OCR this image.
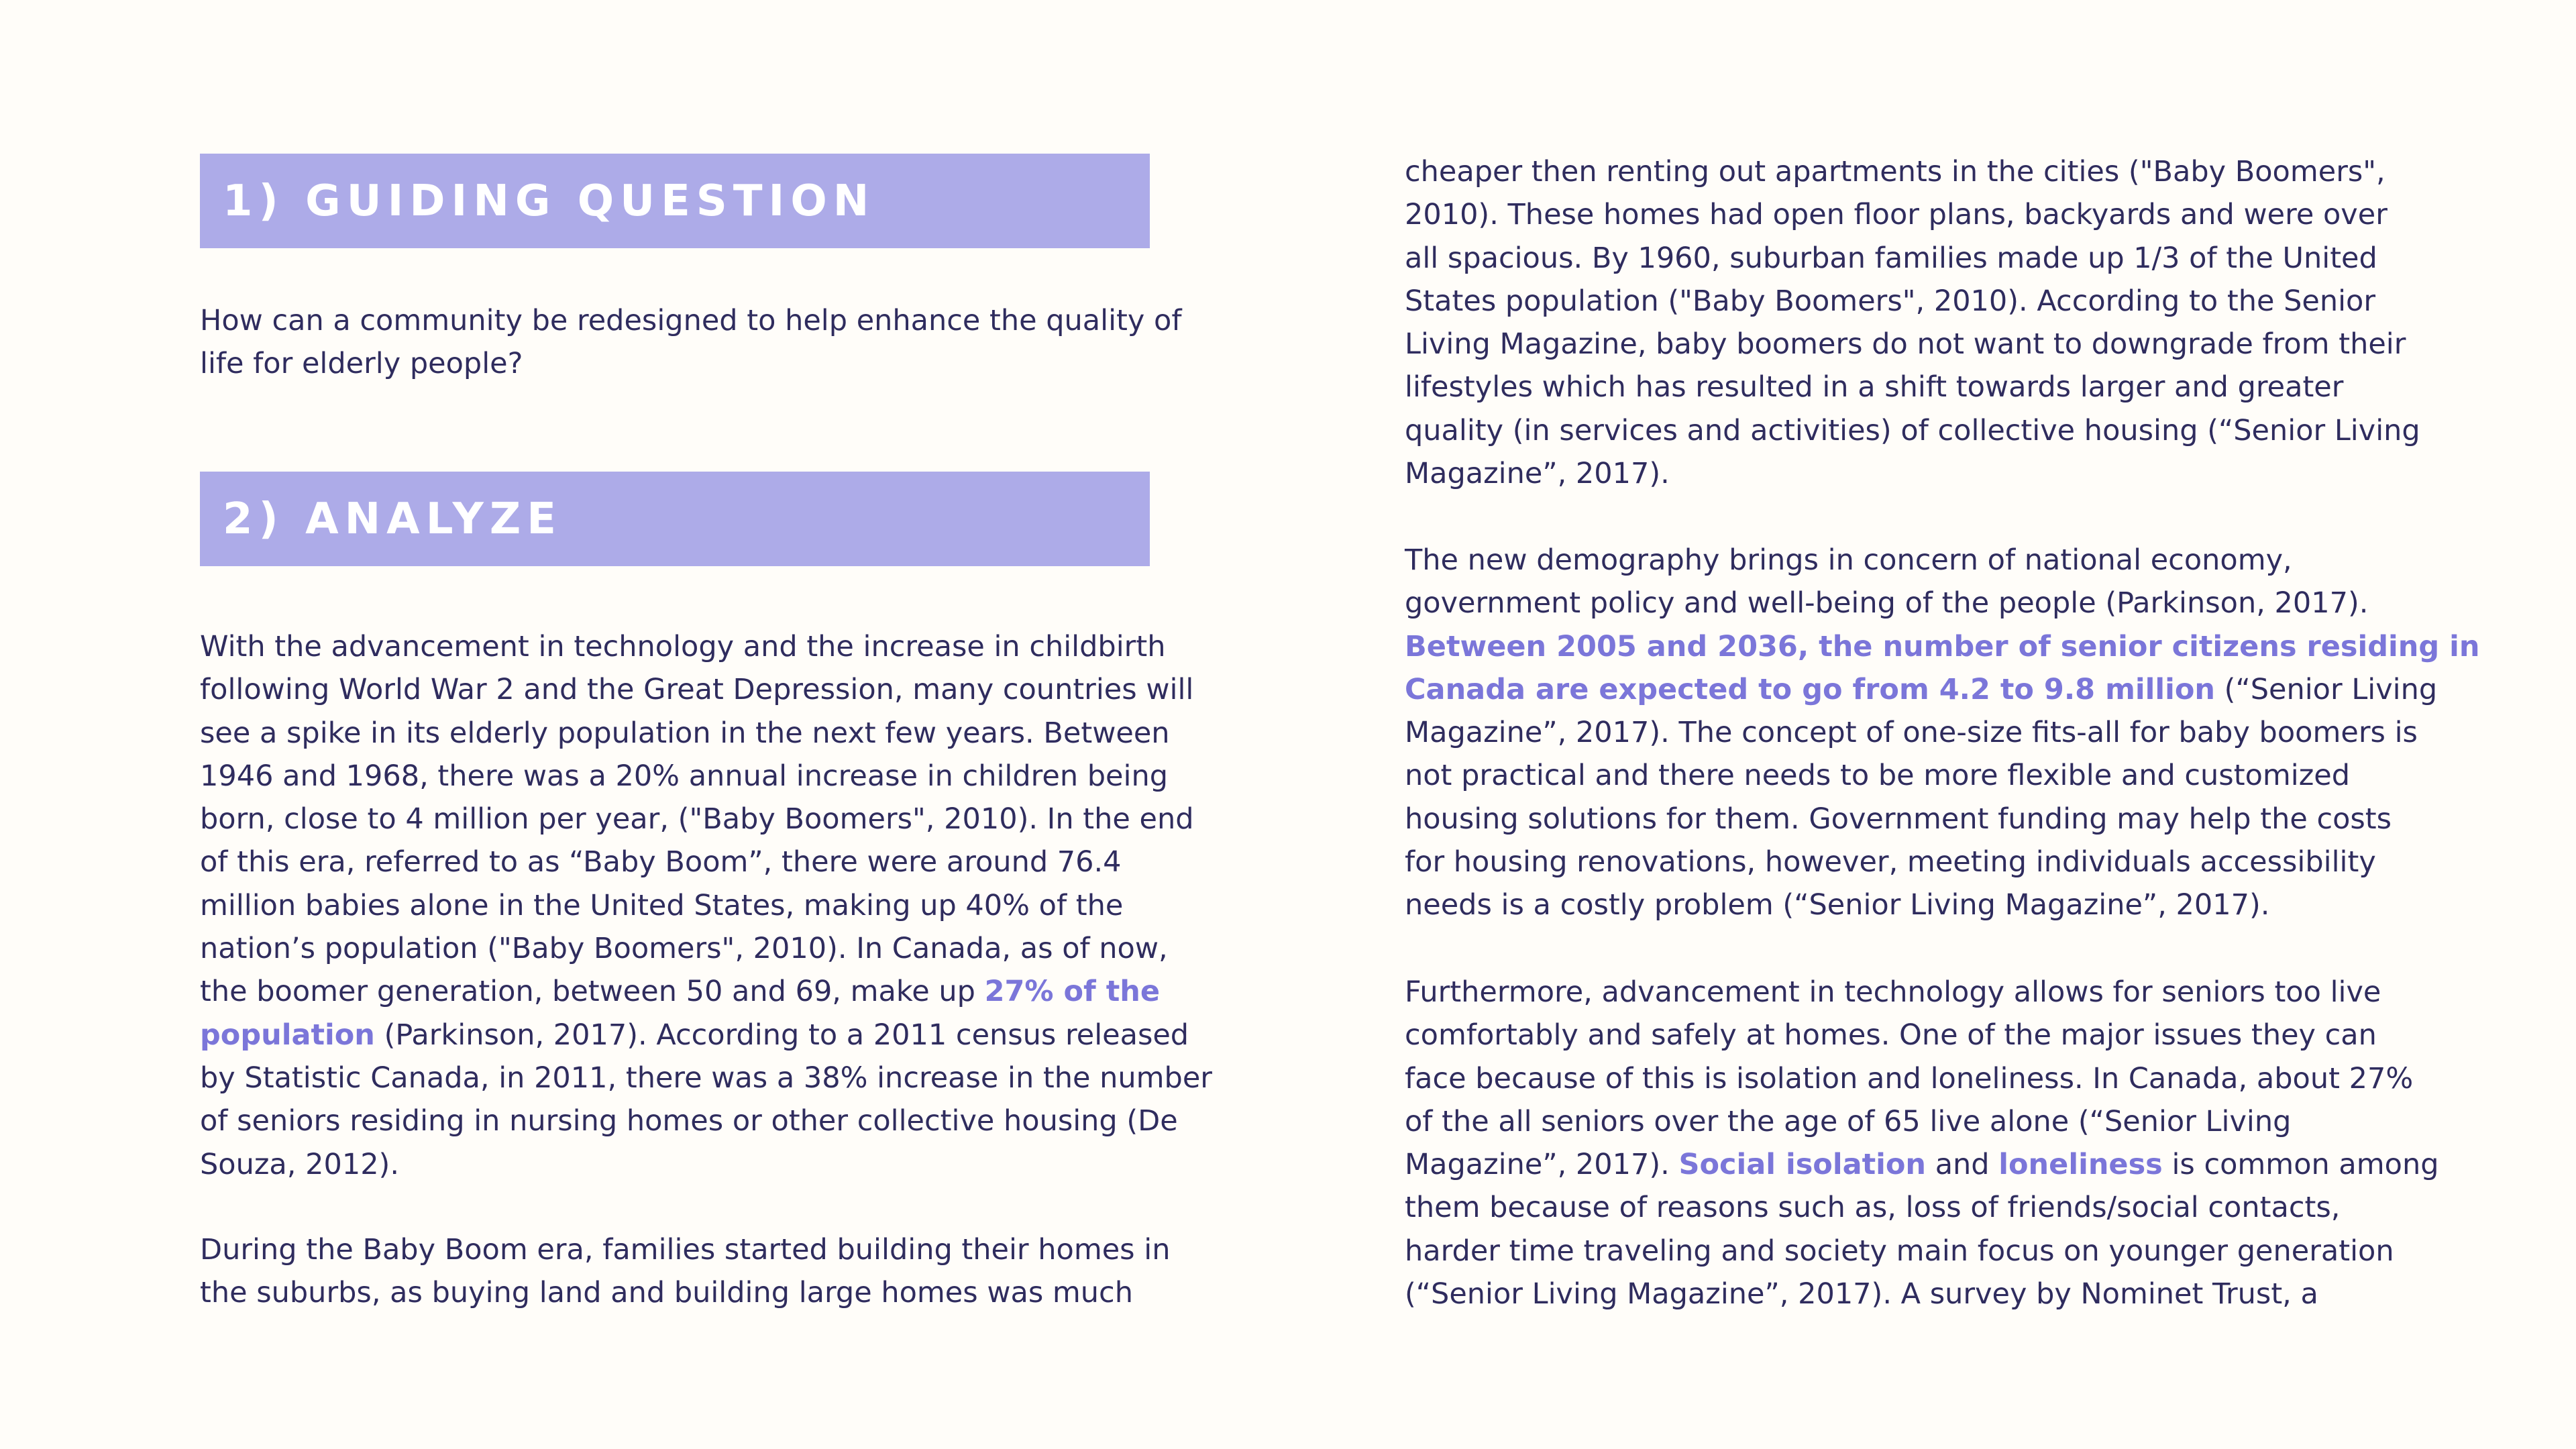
1) GUIDING QUESTION
How can a community be redesigned to help enhance the quality of
life for elderly people?
2) ANALYZE
With the advancement in technology and the increase in childbirth
following World War 2 and the Great Depression, many countries will
see a spike in its elderly population in the next few years. Between
1946 and 1968, there was a 20% annual increase in children being
born, close to 4 million per year, ("Baby Boomers", 2010). In the end
of this era, referred to as “Baby Boom”, there were around 76.4
million babies alone in the United States, making up 40% of the
nation’s population ("Baby Boomers", 2010). In Canada, as of now,
the boomer generation, between 50 and 69, make up 27% of the
population (Parkinson, 2017). According to a 2011 census released
by Statistic Canada, in 2011, there was a 38% increase in the number
of seniors residing in nursing homes or other collective housing (De
Souza, 2012).
During the Baby Boom era, families started building their homes in
the suburbs, as buying land and building large homes was much
cheaper then renting out apartments in the cities ("Baby Boomers",
2010). These homes had open floor plans, backyards and were over
all spacious. By 1960, suburban families made up 1/3 of the United
States population ("Baby Boomers", 2010). According to the Senior
Living Magazine, baby boomers do not want to downgrade from their
lifestyles which has resulted in a shift towards larger and greater
quality (in services and activities) of collective housing (“Senior Living
Magazine”, 2017).
The new demography brings in concern of national economy,
government policy and well-being of the people (Parkinson, 2017).
Between 2005 and 2036, the number of senior citizens residing in
Canada are expected to go from 4.2 to 9.8 million (“Senior Living
Magazine”, 2017). The concept of one-size fits-all for baby boomers is
not practical and there needs to be more flexible and customized
housing solutions for them. Government funding may help the costs
for housing renovations, however, meeting individuals accessibility
needs is a costly problem (“Senior Living Magazine”, 2017).
Furthermore, advancement in technology allows for seniors too live
comfortably and safely at homes. One of the major issues they can
face because of this is isolation and loneliness. In Canada, about 27%
of the all seniors over the age of 65 live alone (“Senior Living
Magazine”, 2017). Social isolation and loneliness is common among
them because of reasons such as, loss of friends/social contacts,
harder time traveling and society main focus on younger generation
(“Senior Living Magazine”, 2017). A survey by Nominet Trust, a
